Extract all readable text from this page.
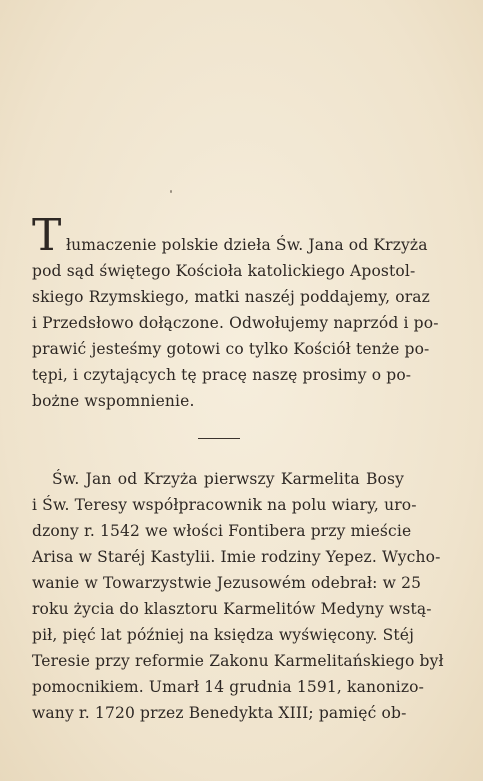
T łumaczenie polskie dzieła Św. Jana od Krzyża
pod sąd świętego Kościoła katolickiego Apostol-
skiego Rzymskiego, matki naszéj poddajemy, oraz
i Przedsłowo dołączone. Odwołujemy naprzód i po-
prawić jesteśmy gotowi co tylko Kościół tenże po-
tępi, i czytających tę pracę naszę prosimy o po-
bożne wspomnienie.
Św. Jan od Krzyża pierwszy Karmelita Bosy
i Św. Teresy współpracownik na polu wiary, uro-
dzony r. 1542 we włości Fontibera przy mieście
Arisa w Staréj Kastylii. Imie rodziny Yepez. Wycho-
wanie w Towarzystwie Jezusowém odebrał: w 25
roku życia do klasztoru Karmelitów Medyny wstą-
pił, pięć lat później na księdza wyświęcony. Stéj
Teresie przy reformie Zakonu Karmelitańskiego był
pomocnikiem. Umarł 14 grudnia 1591, kanonizo-
wany r. 1720 przez Benedykta XIII; pamięć ob-
